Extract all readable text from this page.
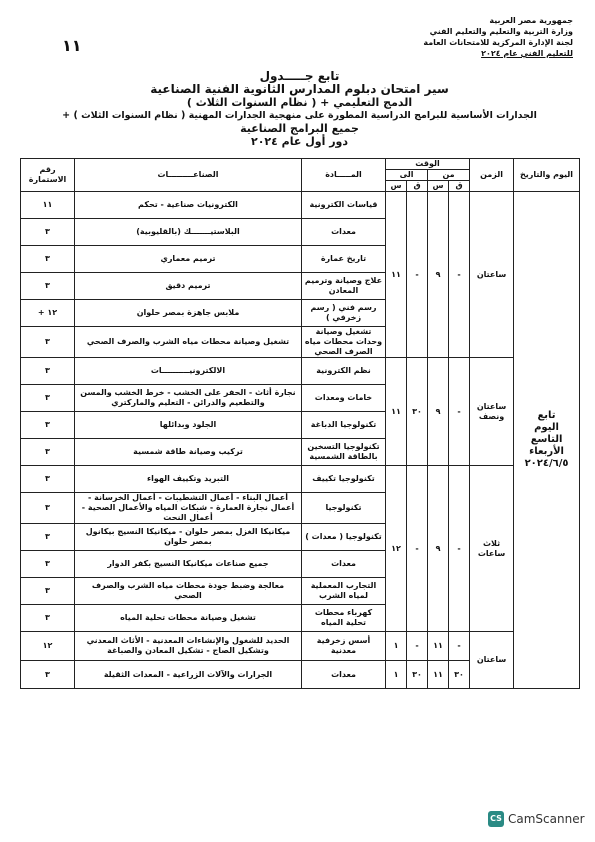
١١
جمهورية مصر العربية
وزارة التربية والتعليم والتعليم الفني
لجنة الإدارة المركزية للامتحانات العامة
للتعليم الفني عام ٢٠٢٤
تابع جـــــدول
سير امتحان دبلوم المدارس الثانوية الفنية الصناعية
( نظام السنوات الثلاث ) + الدمج التعليمي
+ الجدارات الأساسية للبرامج الدراسية المطورة على منهجية الجدارات المهنية ( نظام السنوات الثلاث )
جميع البرامج الصناعية
دور أول عام ٢٠٢٤
اليوم والتاريخ	الزمن	الوقت				المـــــادة	الصناعـــــــــات	رقم الاستمارة
		من		الى				
		ق	س	ق	س			

تابع
اليوم
التاسع
الأربعاء
٢٠٢٤/٦/٥	ساعتان	-	٩	-	١١	قياسات الكترونية	الكترونيات صناعية - تحكم	١١
						معدات	البلاستيـــــــك (بالقليوبية)	٣
						تاريخ عمارة	ترميم معماري	٣
						علاج وصيانة وترميم المعادن	ترميم دقيق	٣
						رسم فني ( رسم زخرفي )	ملابس جاهزة بمصر حلوان	١٢ +
						تشغيل وصيانة وحدات محطات مياه الصرف الصحي	تشغيل وصيانة محطات مياه الشرب والصرف الصحي	٣
	ساعتان ونصف	-	٩	٣٠	١١	نظم الكترونية	الالكترونيــــــــــات	٣
						خامات ومعدات	نجارة أثاث - الحفر على الخشب - خرط الخشب والمسن والتطعيم والدرائن - التعليم والماركتري	٣
						تكنولوجيا الدباغة	الجلود وبدائلها	٣
						تكنولوجيا التسخين بالطاقة الشمسية	تركيب وصيانة طاقة شمسية	٣
	ثلاث ساعات	-	٩	-	١٢	تكنولوجيا تكييف	التبريد وتكييف الهواء	٣
						تكنولوجيا	أعمال البناء - أعمال التشطيبات - أعمال الخرسانة - أعمال نجارة العمارة - شبكات المياه والأعمال الصحية - أعمال النحت	٣
						تكنولوجيا ( معدات )	ميكانيكا الغزل بمصر حلوان - ميكانيكا النسيج بيكانول بمصر حلوان	٣
						معدات	جميع صناعات ميكانيكا النسيج بكفر الدوار	٣
						التجارب المعملية لمياه الشرب	معالجة وضبط جودة محطات مياه الشرب والصرف الصحي	٣
						كهرباء محطات تحلية المياه	تشغيل وصيانة محطات تحلية المياه	٣
	ساعتان	-	١١	-	١	أسس زخرفية معدنية	الحديد للشغول والإنشاءات المعدنية - الأثاث المعدني وتشكيل الصاج - تشكيل المعادن والصباغة	١٢
		٣٠	١١	٣٠	١	معدات	الجرارات والآلات الزراعية - المعدات الثقيلة	٣
CS CamScanner
